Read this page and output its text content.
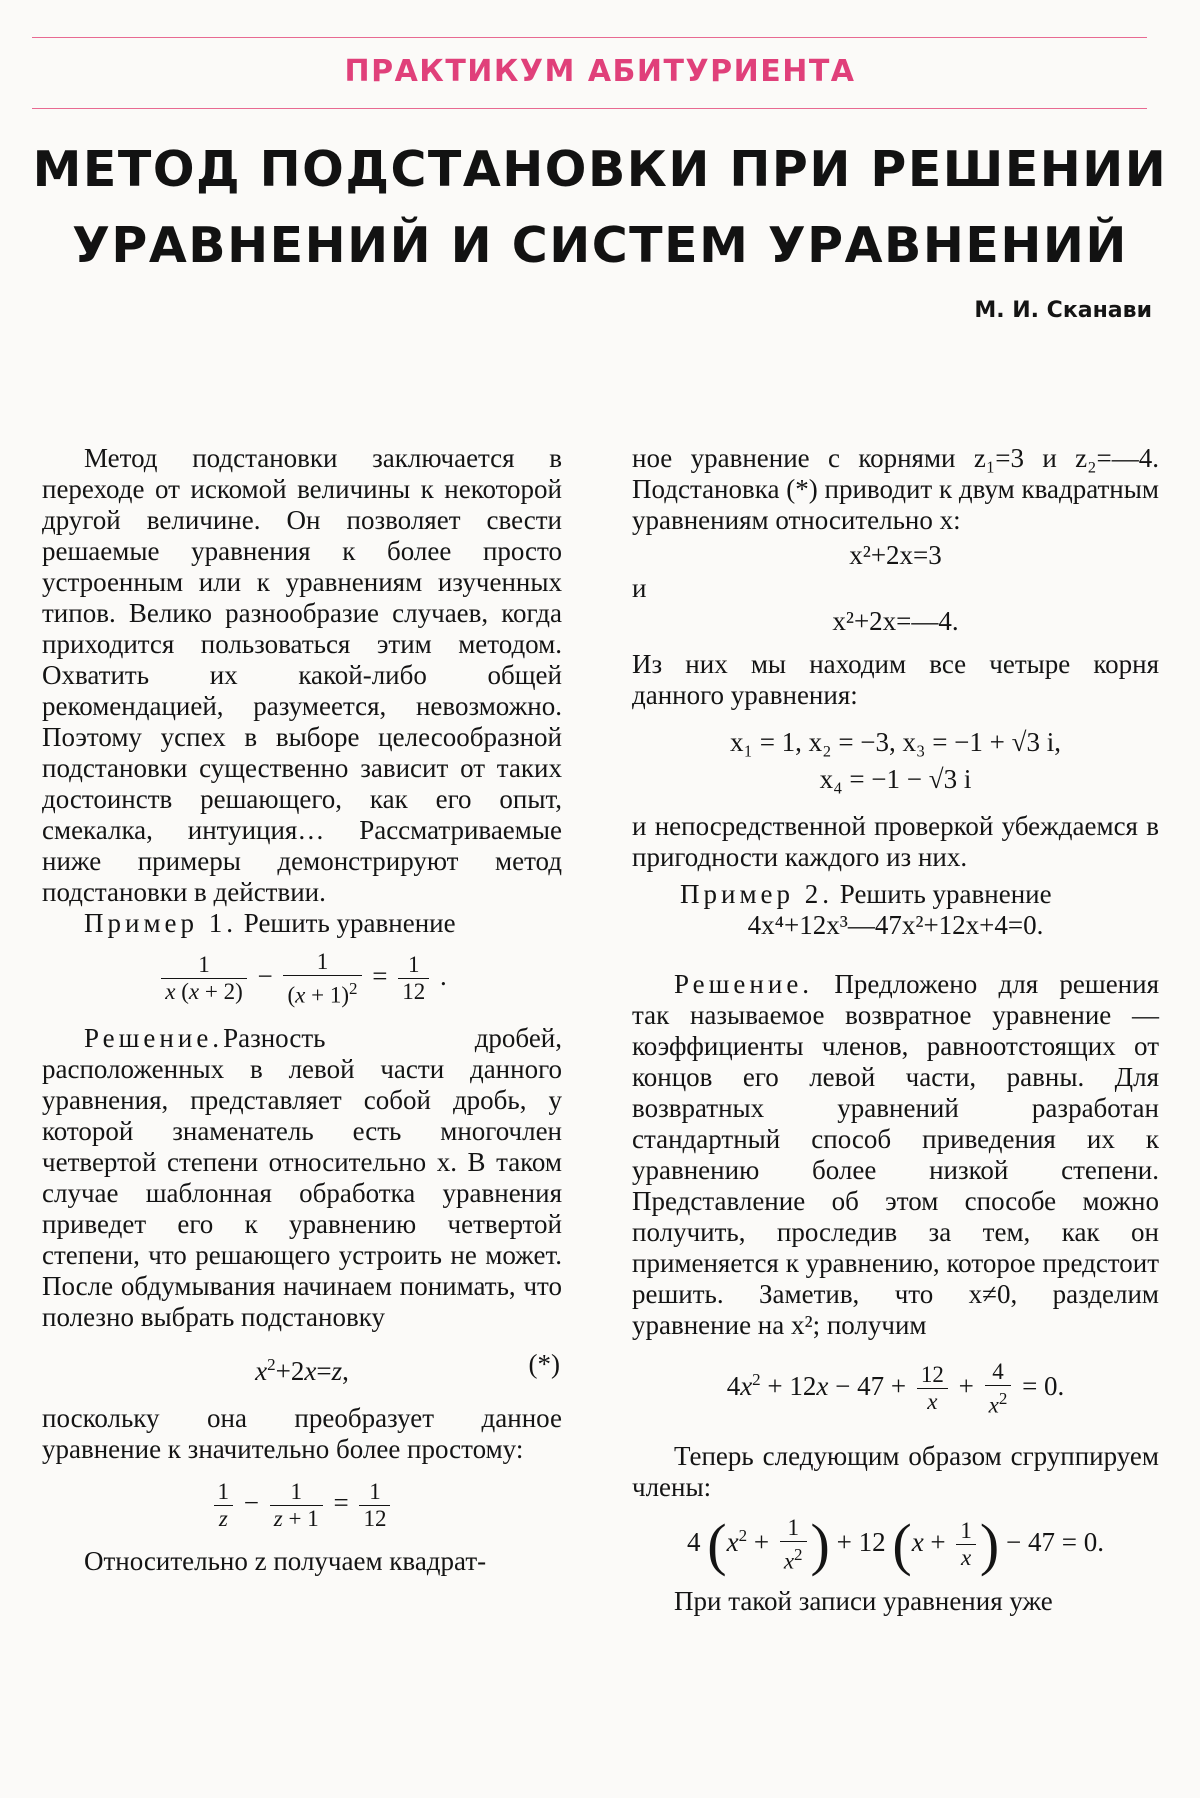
ПРАКТИКУМ АБИТУРИЕНТА
МЕТОД ПОДСТАНОВКИ ПРИ РЕШЕНИИ
УРАВНЕНИЙ И СИСТЕМ УРАВНЕНИЙ
М. И. Сканави

Метод подстановки заключается в переходе от искомой величины к некоторой другой величине. Он позволяет свести решаемые уравнения к более просто устроенным или к уравнениям изученных типов. Велико разнообразие случаев, когда приходится пользоваться этим методом. Охватить их какой-либо общей рекомендацией, разумеется, невозможно. Поэтому успех в выборе целесообразной подстановки существенно зависит от таких достоинств решающего, как его опыт, смекалка, интуиция… Рассматриваемые ниже примеры демонстрируют метод подстановки в действии.

Пример 1. Решить уравнение

$\frac{1}{x (x + 2)} - \frac{1}{(x + 1)^2} = \frac{1}{12}$ .

Решение.Разность дробей, расположенных в левой части данного уравнения, представляет собой дробь, у которой знаменатель есть многочлен четвертой степени относительно x. В таком случае шаблонная обработка уравнения приведет его к уравнению четвертой степени, что решающего устроить не может. После обдумывания начинаем понимать, что полезно выбрать подстановку

$x^2+2x=z$,	(*)

поскольку она преобразует данное уравнение к значительно более простому:

$\frac{1}{z} - \frac{1}{z + 1} = \frac{1}{12}$

Относительно z получаем квадрат-

ное уравнение с корнями z₁=3 и z₂=—4. Подстановка (*) приводит к двум квадратным уравнениям относительно x:

x²+2x=3

и

x²+2x=—4.

Из них мы находим все четыре корня данного уравнения:

x₁ = 1, x₂ = −3, x₃ = −1 + √3 i,
x₄ = −1 − √3 i

и непосредственной проверкой убеждаемся в пригодности каждого из них.

Пример 2. Решить уравнение

4x⁴+12x³—47x²+12x+4=0.

Решение. Предложено для решения так называемое возвратное уравнение — коэффициенты членов, равноотстоящих от концов его левой части, равны. Для возвратных уравнений разработан стандартный способ приведения их к уравнению более низкой степени. Представление об этом способе можно получить, проследив за тем, как он применяется к уравнению, которое предстоит решить. Заметив, что x≠0, разделим уравнение на x²; получим

$4x^2 + 12x - 47 + \frac{12}{x} + \frac{4}{x^2} = 0$.

Теперь следующим образом сгруппируем члены:

4 ($x^2 + \frac{1}{x^2}$ ) + 12 ($x + \frac{1}{x}$ ) − 47 = 0.

При такой записи уравнения уже
